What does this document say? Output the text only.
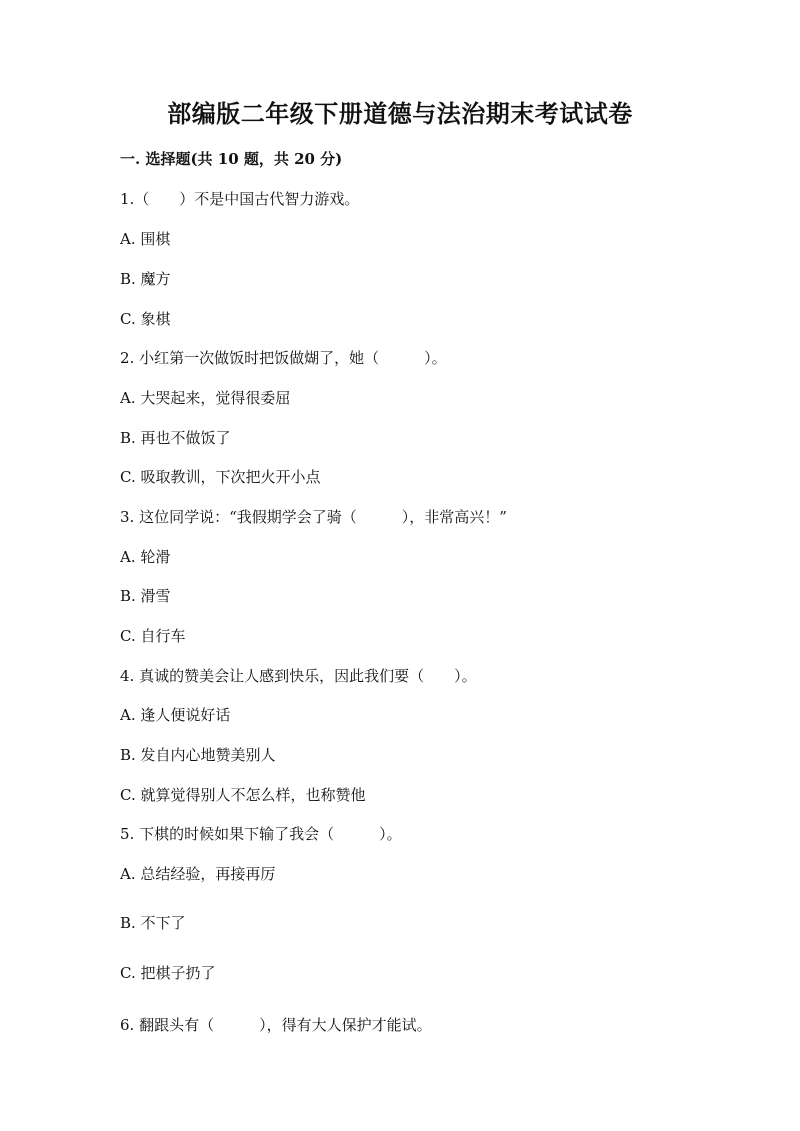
部编版二年级下册道德与法治期末考试试卷
一. 选择题(共 10 题，共 20 分)
1.（　　）不是中国古代智力游戏。
A. 围棋
B. 魔方
C. 象棋
2. 小红第一次做饭时把饭做煳了，她（　　　）。
A. 大哭起来，觉得很委屈
B. 再也不做饭了
C. 吸取教训，下次把火开小点
3. 这位同学说：“我假期学会了骑（　　　），非常高兴！”
A. 轮滑
B. 滑雪
C. 自行车
4. 真诚的赞美会让人感到快乐，因此我们要（　　）。
A. 逢人便说好话
B. 发自内心地赞美别人
C. 就算觉得别人不怎么样，也称赞他
5. 下棋的时候如果下输了我会（　　　）。
A. 总结经验，再接再厉
B. 不下了
C. 把棋子扔了
6. 翻跟头有（　　　），得有大人保护才能试。
